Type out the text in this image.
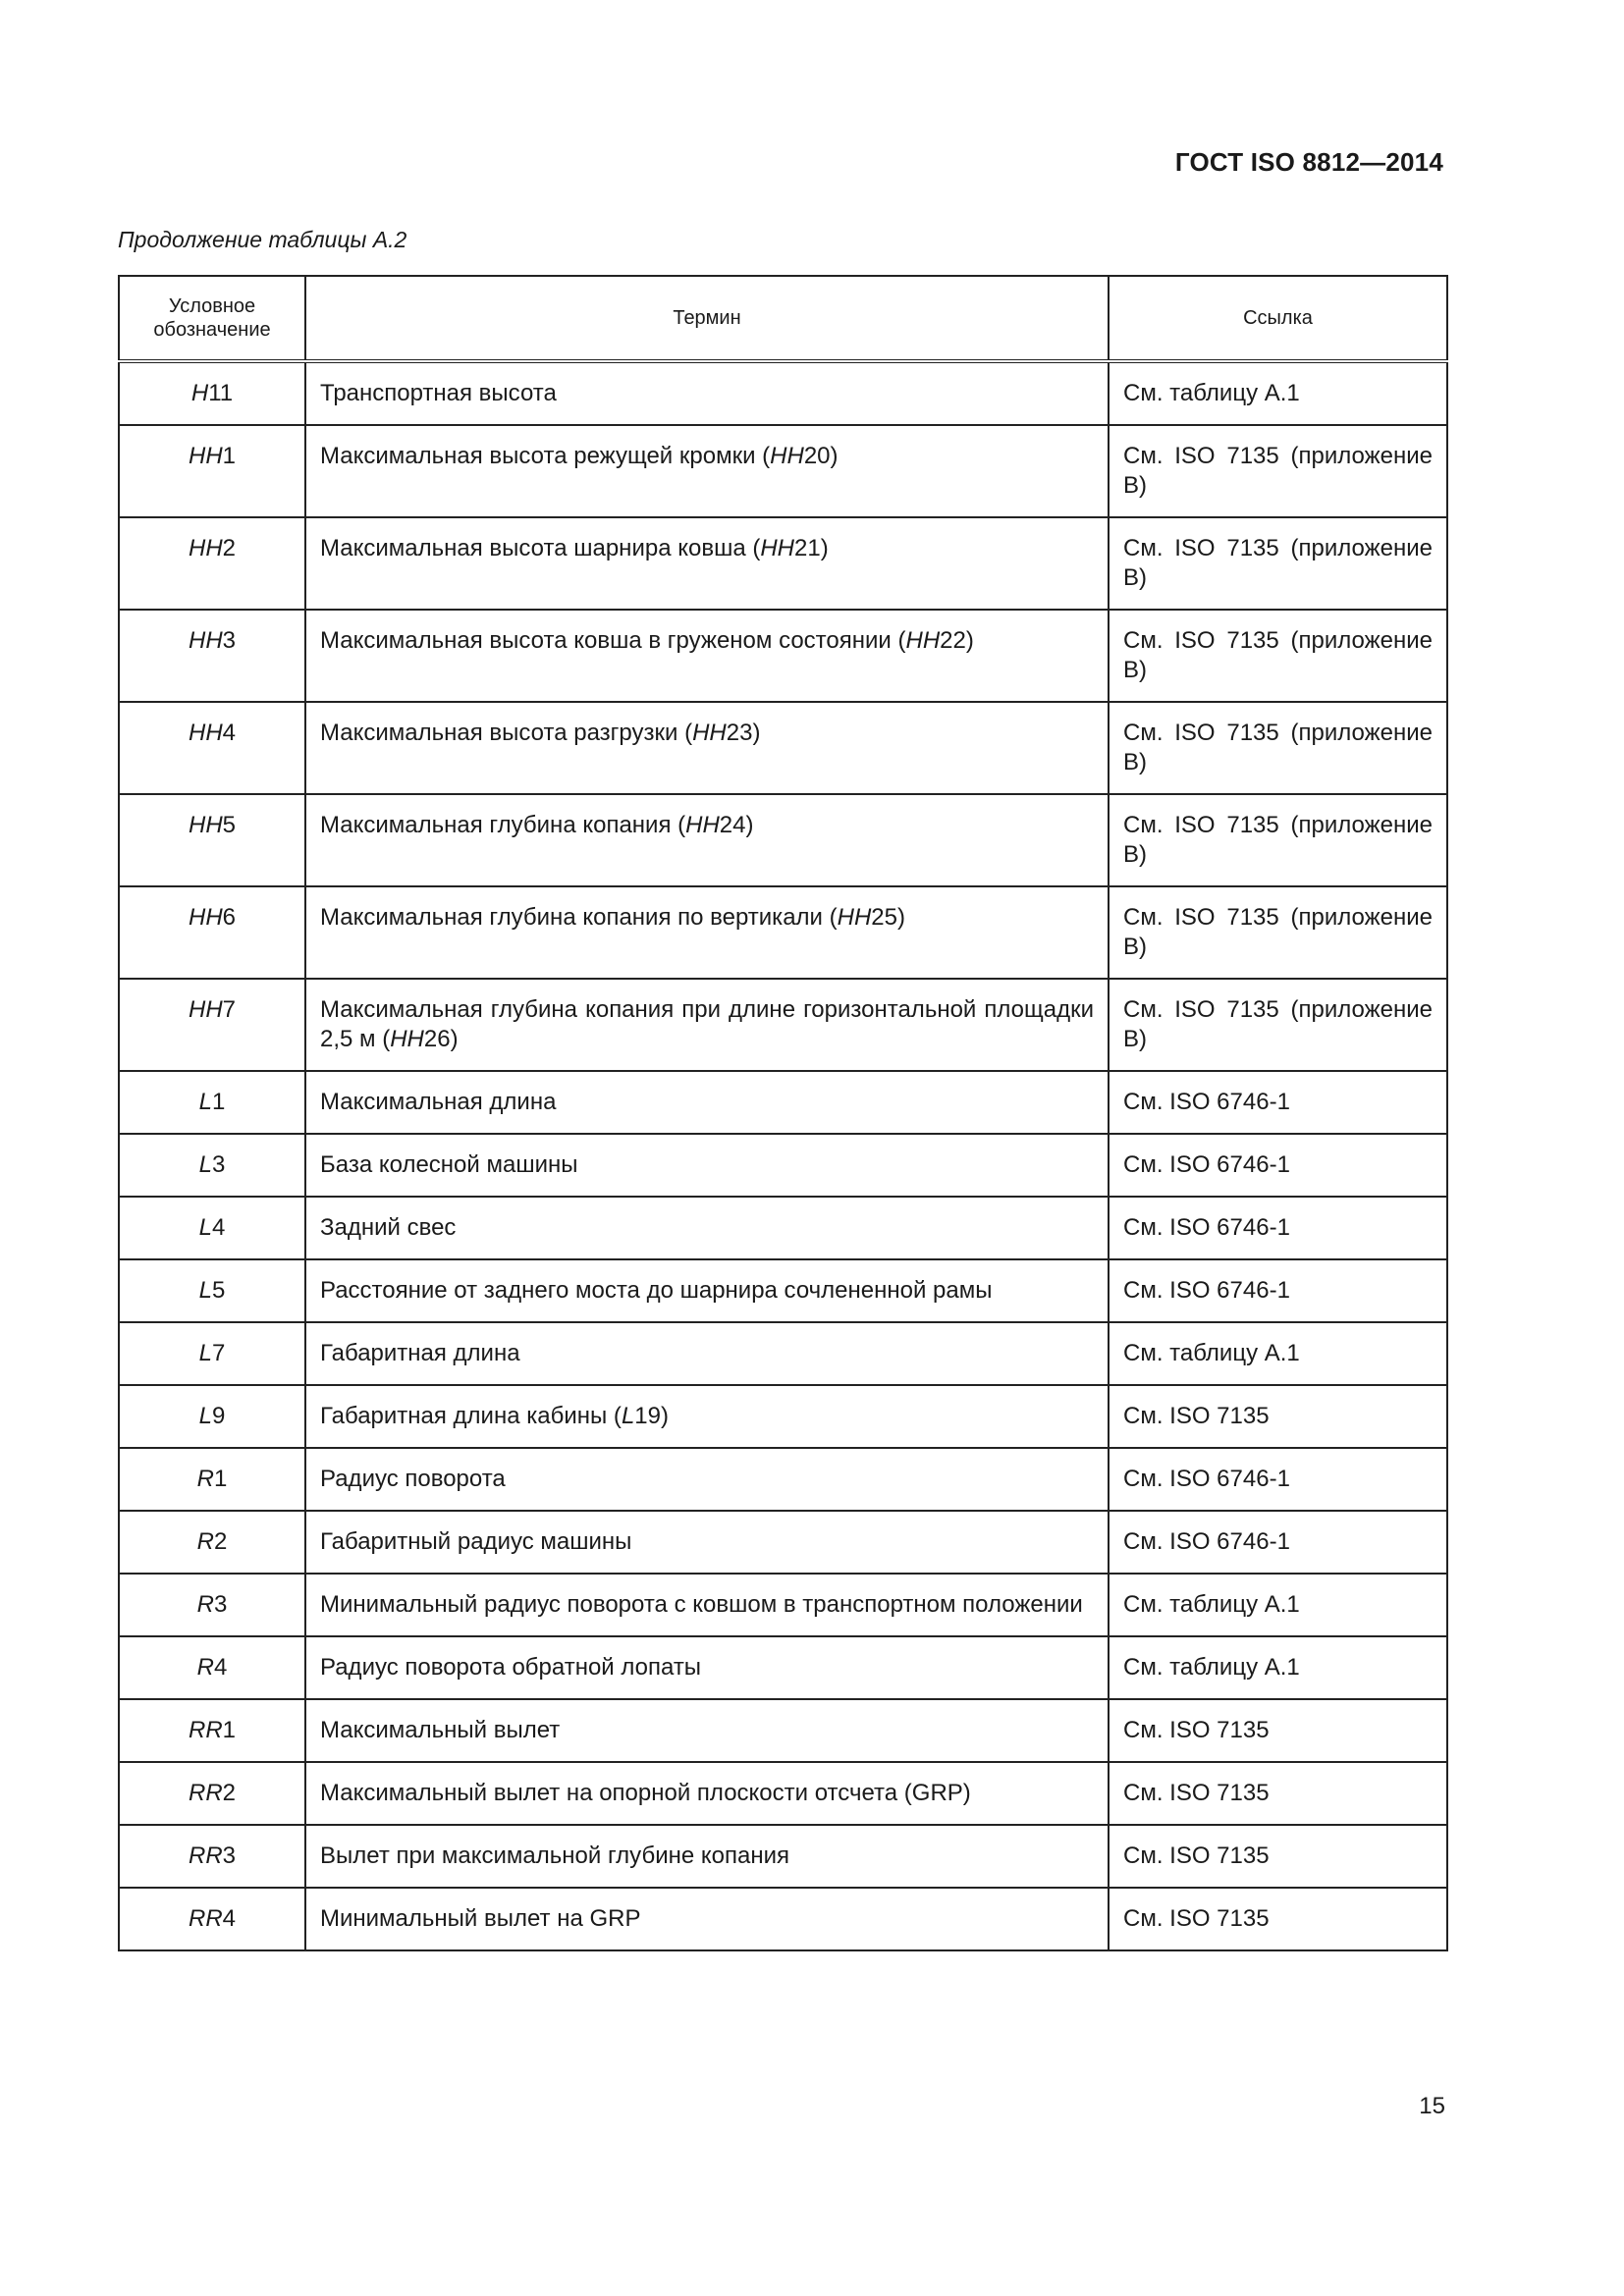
ГОСТ ISO 8812—2014
Продолжение таблицы А.2
Условное обозначение	Термин	Ссылка
H11	Транспортная высота	См. таблицу А.1
HH1	Максимальная высота режущей кромки (HH20)	См. ISO 7135 (приложение В)
HH2	Максимальная высота шарнира ковша (HH21)	См. ISO 7135 (приложение В)
HH3	Максимальная высота ковша в груженом состоянии (HH22)	См. ISO 7135 (приложение В)
HH4	Максимальная высота разгрузки (HH23)	См. ISO 7135 (приложение В)
HH5	Максимальная глубина копания (HH24)	См. ISO 7135 (приложение В)
HH6	Максимальная глубина копания по вертикали (HH25)	См. ISO 7135 (приложение В)
HH7	Максимальная глубина копания при длине горизонтальной площадки 2,5 м (HH26)	См. ISO 7135 (приложение В)
L1	Максимальная длина	См. ISO 6746-1
L3	База колесной машины	См. ISO 6746-1
L4	Задний свес	См. ISO 6746-1
L5	Расстояние от заднего моста до шарнира сочлененной рамы	См. ISO 6746-1
L7	Габаритная длина	См. таблицу А.1
L9	Габаритная длина кабины (L19)	См. ISO 7135
R1	Радиус поворота	См. ISO 6746-1
R2	Габаритный радиус машины	См. ISO 6746-1
R3	Минимальный радиус поворота с ковшом в транспортном положении	См. таблицу А.1
R4	Радиус поворота обратной лопаты	См. таблицу А.1
RR1	Максимальный вылет	См. ISO 7135
RR2	Максимальный вылет на опорной плоскости отсчета (GRP)	См. ISO 7135
RR3	Вылет при максимальной глубине копания	См. ISO 7135
RR4	Минимальный вылет на GRP	См. ISO 7135
15
